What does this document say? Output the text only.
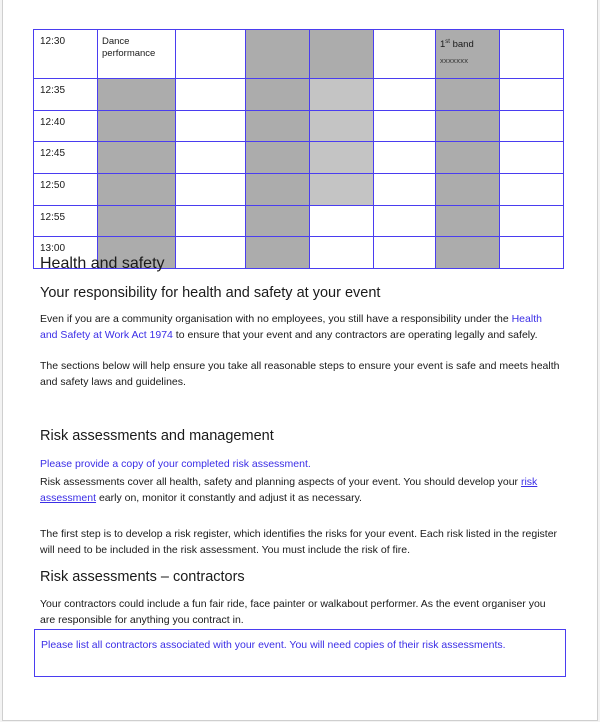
12:30	Dance performance					1st band
xxxxxxx	

12:35							
12:40							
12:45							
12:50							
12:55							
13:00							
Health and safety
Your responsibility for health and safety at your event
Even if you are a community organisation with no employees, you still have a responsibility under the Health and Safety at Work Act 1974 to ensure that your event and any contractors are operating legally and safely.
The sections below will help ensure you take all reasonable steps to ensure your event is safe and meets health and safety laws and guidelines.
Risk assessments and management
Please provide a copy of your completed risk assessment.
Risk assessments cover all health, safety and planning aspects of your event. You should develop your risk assessment early on, monitor it constantly and adjust it as necessary.
The first step is to develop a risk register, which identifies the risks for your event. Each risk listed in the register will need to be included in the risk assessment. You must include the risk of fire.
Risk assessments – contractors
Your contractors could include a fun fair ride, face painter or walkabout performer. As the event organiser you are responsible for anything you contract in.
Please list all contractors associated with your event. You will need copies of their risk assessments.
